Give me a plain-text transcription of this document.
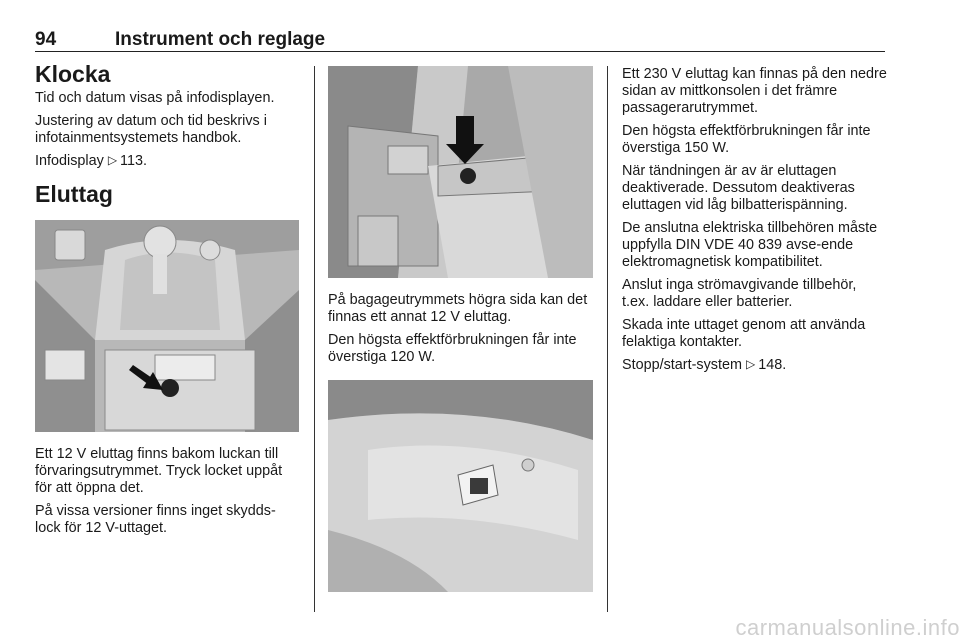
94	Instrument och reglage
Klocka

Tid och datum visas på infodisplayen.

Justering av datum och tid beskrivs i infotainmentsystemets handbok.

Infodisplay ▷ 113.

Eluttag

Ett 12 V eluttag finns bakom luckan till förvaringsutrymmet. Tryck locket uppåt för att öppna det.

På vissa versioner finns inget skydds-lock för 12 V-uttaget.

På bagageutrymmets högra sida kan det finnas ett annat 12 V eluttag.

Den högsta effektförbrukningen får inte överstiga 120 W.

Ett 230 V eluttag kan finnas på den nedre sidan av mittkonsolen i det främre passagerarutrymmet.

Den högsta effektförbrukningen får inte överstiga 150 W.

När tändningen är av är eluttagen deaktiverade. Dessutom deaktiveras eluttagen vid låg bilbatterispänning.

De anslutna elektriska tillbehören måste uppfylla DIN VDE 40 839 avse-ende elektromagnetisk kompatibilitet.

Anslut inga strömavgivande tillbehör, t.ex. laddare eller batterier.

Skada inte uttaget genom att använda felaktiga kontakter.

Stopp/start-system ▷ 148.

carmanualsonline.info
